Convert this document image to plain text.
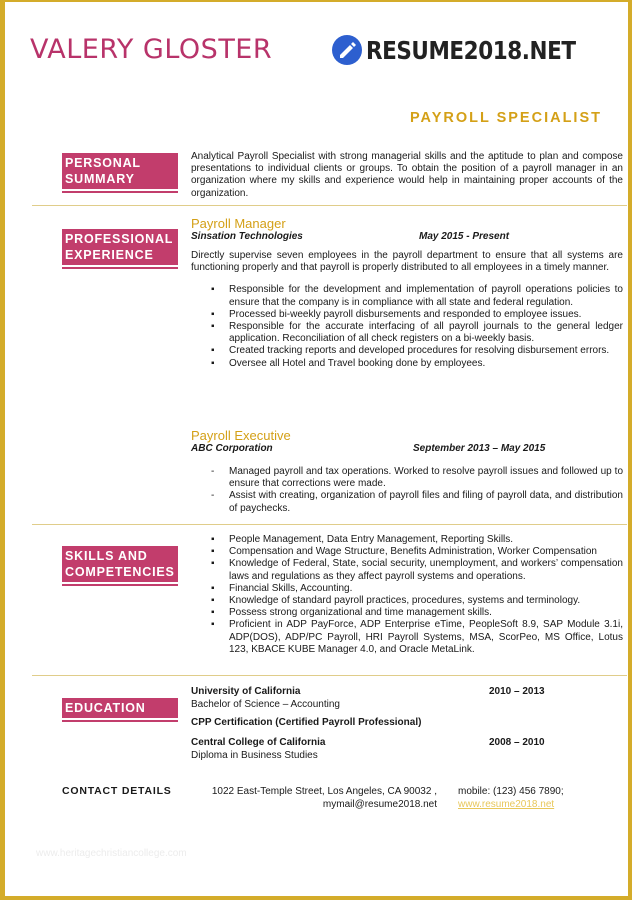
VALERY GLOSTER	RESUME2018.NET
PAYROLL SPECIALIST
PERSONAL
SUMMARY
Analytical Payroll Specialist with strong managerial skills and the aptitude to plan and compose presentations to individual clients or groups. To obtain the position of a payroll manager in an organization where my skills and experience would help in maintaining proper accounts of the organization.
PROFESSIONAL
EXPERIENCE
Payroll Manager
Sinsation Technologies	May 2015 - Present
Directly supervise seven employees in the payroll department to ensure that all systems are functioning properly and that payroll is properly distributed to all employees in a timely manner.
▪ Responsible for the development and implementation of payroll operations policies to ensure that the company is in compliance with all state and federal regulation.
▪ Processed bi-weekly payroll disbursements and responded to employee issues.
▪ Responsible for the accurate interfacing of all payroll journals to the general ledger application. Reconciliation of all check registers on a bi-weekly basis.
▪ Created tracking reports and developed procedures for resolving disbursement errors.
▪ Oversee all Hotel and Travel booking done by employees.
Payroll Executive
ABC Corporation	September 2013 – May 2015
- Managed payroll and tax operations. Worked to resolve payroll issues and followed up to ensure that corrections were made.
- Assist with creating, organization of payroll files and filing of payroll data, and distribution of paychecks.
SKILLS AND
COMPETENCIES
▪ People Management, Data Entry Management, Reporting Skills.
▪ Compensation and Wage Structure, Benefits Administration, Worker Compensation
▪ Knowledge of Federal, State, social security, unemployment, and workers’ compensation laws and regulations as they affect payroll systems and operations.
▪ Financial Skills, Accounting.
▪ Knowledge of standard payroll practices, procedures, systems and terminology.
▪ Possess strong organizational and time management skills.
▪ Proficient in ADP PayForce, ADP Enterprise eTime, PeopleSoft 8.9, SAP Module 3.1i, ADP(DOS), ADP/PC Payroll, HRI Payroll Systems, MSA, ScorPeo, MS Office, Lotus 123, KBACE KUBE Manager 4.0, and Oracle MetaLink.
EDUCATION
University of California	2010 – 2013
Bachelor of Science – Accounting
CPP Certification (Certified Payroll Professional)
Central College of California	2008 – 2010
Diploma in Business Studies
CONTACT DETAILS	1022 East-Temple Street, Los Angeles, CA 90032 ,
mymail@resume2018.net
mobile: (123) 456 7890;
www.resume2018.net
www.heritagechristiancollege.com
